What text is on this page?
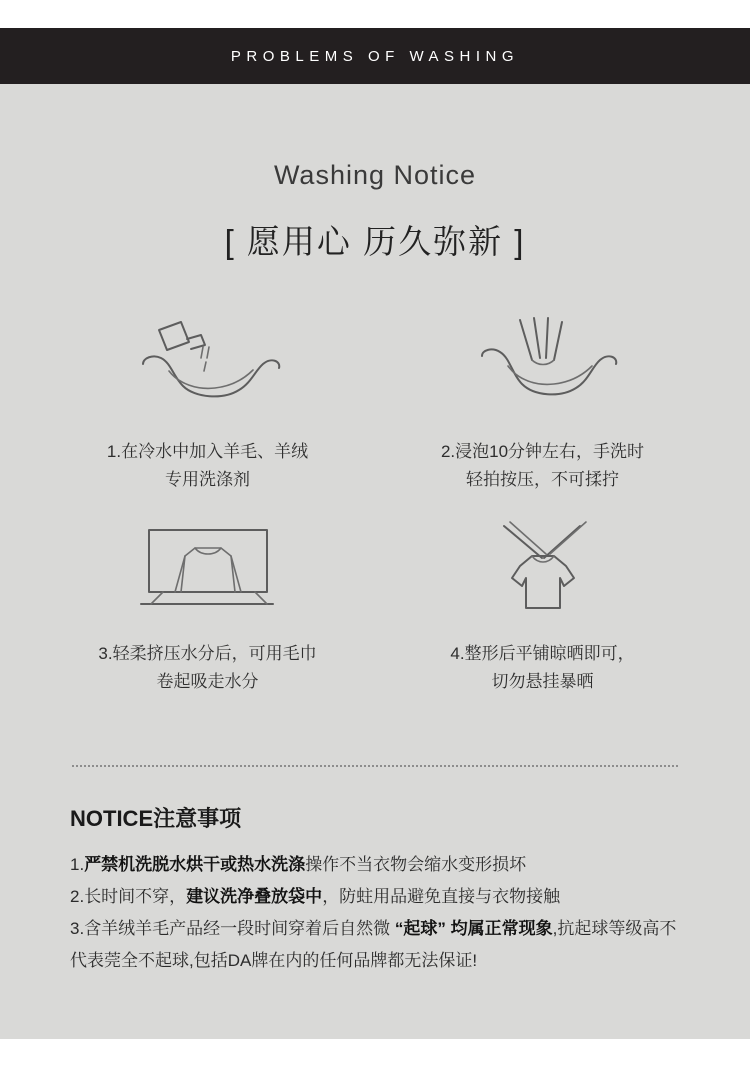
PROBLEMS OF WASHING
Washing Notice
[ 愿用心 历久弥新 ]
1.在冷水中加入羊毛、羊绒
专用洗涤剂
2.浸泡10分钟左右，手洗时
轻拍按压，不可揉拧
3.轻柔挤压水分后，可用毛巾
卷起吸走水分
4.整形后平铺晾晒即可，
切勿悬挂暴晒
NOTICE注意事项
1.严禁机洗脱水烘干或热水洗涤操作不当衣物会缩水变形损坏
2.长时间不穿，建议洗净叠放袋中，防蛀用品避免直接与衣物接触
3.含羊绒羊毛产品经一段时间穿着后自然微 “起球” 均属正常现象,抗起球等级高不代表莞全不起球,包括DA牌在内的任何品牌都无法保证!
